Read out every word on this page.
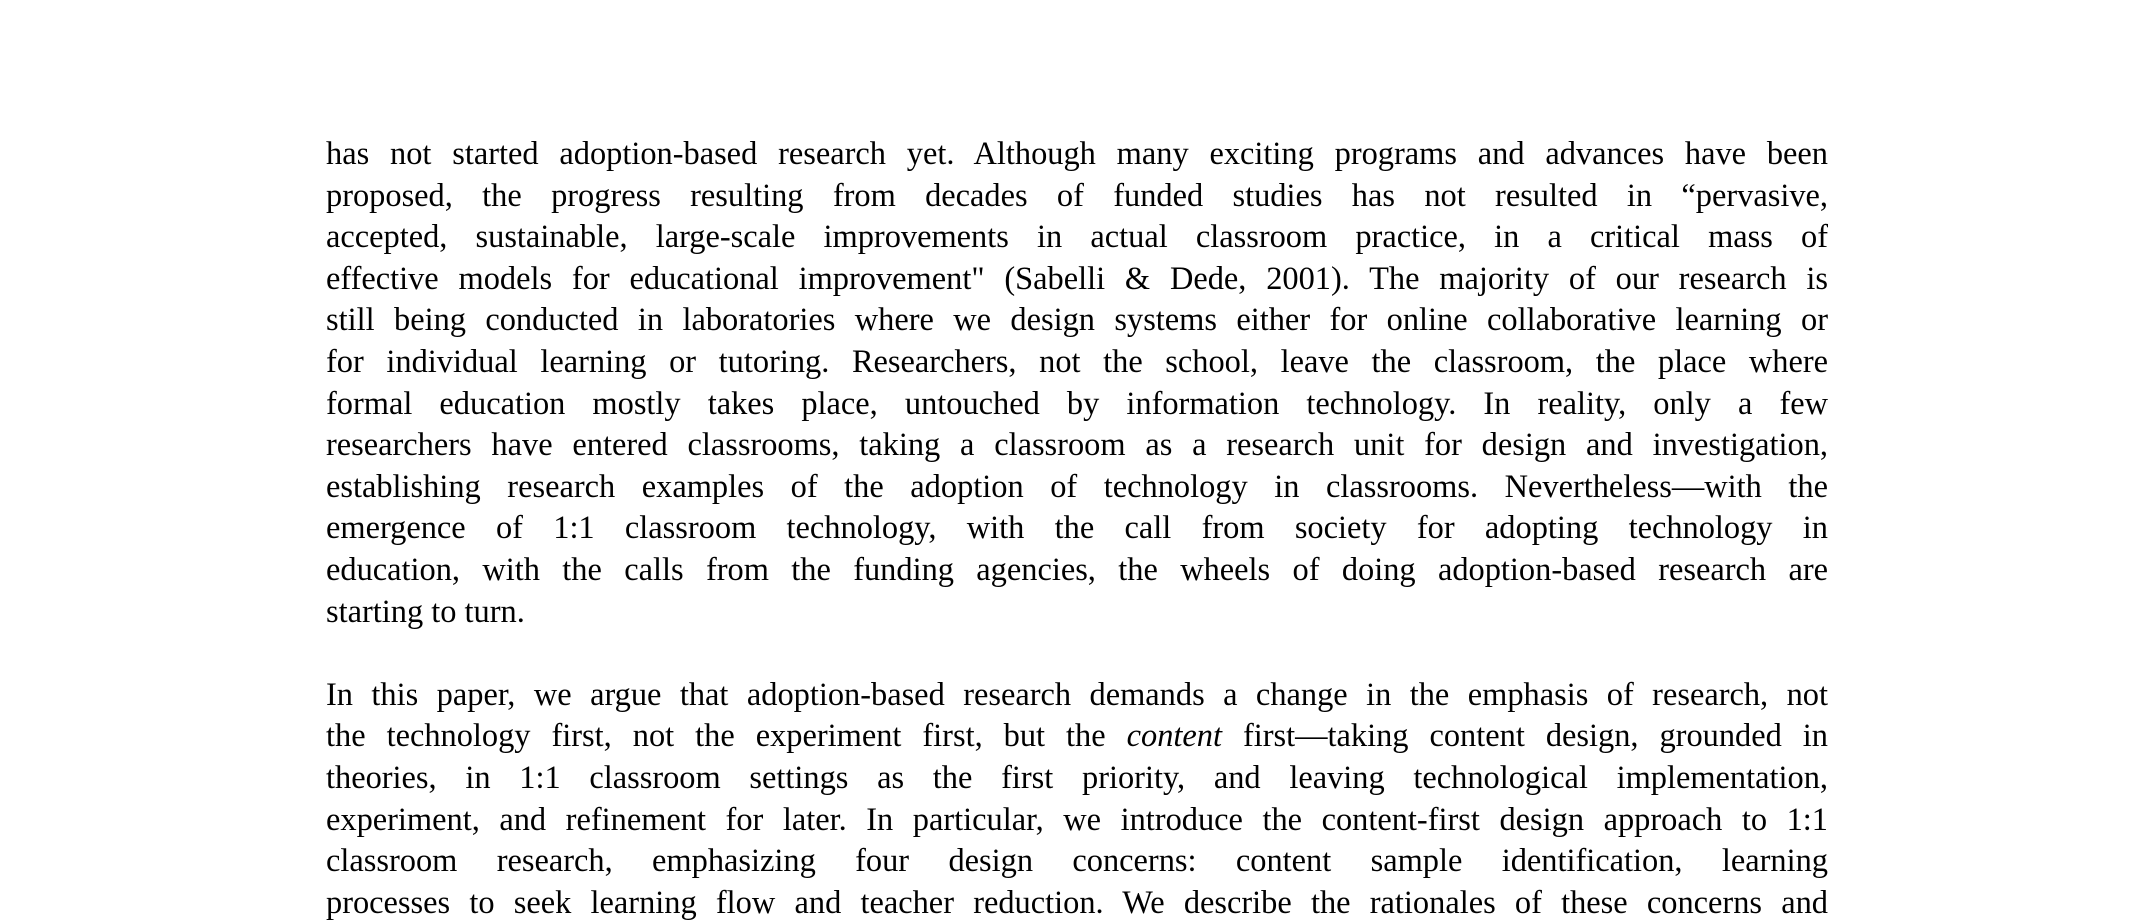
has not started adoption-based research yet. Although many exciting programs and advances have been
proposed, the progress resulting from decades of funded studies has not resulted in “pervasive,
accepted, sustainable, large-scale improvements in actual classroom practice, in a critical mass of
effective models for educational improvement" (Sabelli & Dede, 2001). The majority of our research is
still being conducted in laboratories where we design systems either for online collaborative learning or
for individual learning or tutoring. Researchers, not the school, leave the classroom, the place where
formal education mostly takes place, untouched by information technology. In reality, only a few
researchers have entered classrooms, taking a classroom as a research unit for design and investigation,
establishing research examples of the adoption of technology in classrooms. Nevertheless—with the
emergence of 1:1 classroom technology, with the call from society for adopting technology in
education, with the calls from the funding agencies, the wheels of doing adoption-based research are
starting to turn.
In this paper, we argue that adoption-based research demands a change in the emphasis of research, not
the technology first, not the experiment first, but the content first—taking content design, grounded in
theories, in 1:1 classroom settings as the first priority, and leaving technological implementation,
experiment, and refinement for later. In particular, we introduce the content-first design approach to 1:1
classroom research, emphasizing four design concerns: content sample identification, learning
processes to seek learning flow and teacher reduction. We describe the rationales of these concerns and
